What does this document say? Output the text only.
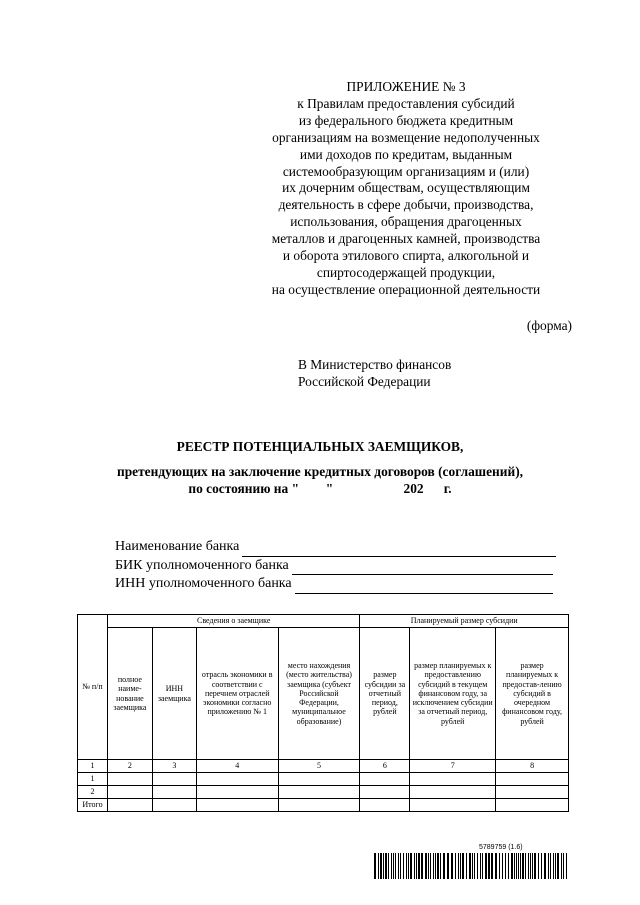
ПРИЛОЖЕНИЕ № 3
к Правилам предоставления субсидий
из федерального бюджета кредитным
организациям на возмещение недополученных
ими доходов по кредитам, выданным
системообразующим организациям и (или)
их дочерним обществам, осуществляющим
деятельность в сфере добычи, производства,
использования, обращения драгоценных
металлов и драгоценных камней, производства
и оборота этилового спирта, алкогольной и
спиртосодержащей продукции,
на осуществление операционной деятельности
(форма)
В Министерство финансов
Российской Федерации
РЕЕСТР ПОТЕНЦИАЛЬНЫХ ЗАЕМЩИКОВ,
претендующих на заключение кредитных договоров (соглашений),
по состоянию на "        "                     202      г.
Наименование банка
БИК уполномоченного банка
ИНН уполномоченного банка
№ п/п	Сведения о заемщике				Планируемый размер субсидии		
	полное наиме-нование заемщика	ИНН заемщика	отрасль экономики в соответствии с перечнем отраслей экономики согласно приложению № 1	место нахождения (место жительства) заемщика (субъект Российской Федерации, муниципальное образование)	размер субсидии за отчетный период, рублей	размер планируемых к предоставлению субсидий в текущем финансовом году, за исключением субсидии за отчетный период, рублей	размер планируемых к предостав-лению субсидий в очередном финансовом году, рублей
1	2	3	4	5	6	7	8
1							
2							
Итого							
5789759 (1.6)
